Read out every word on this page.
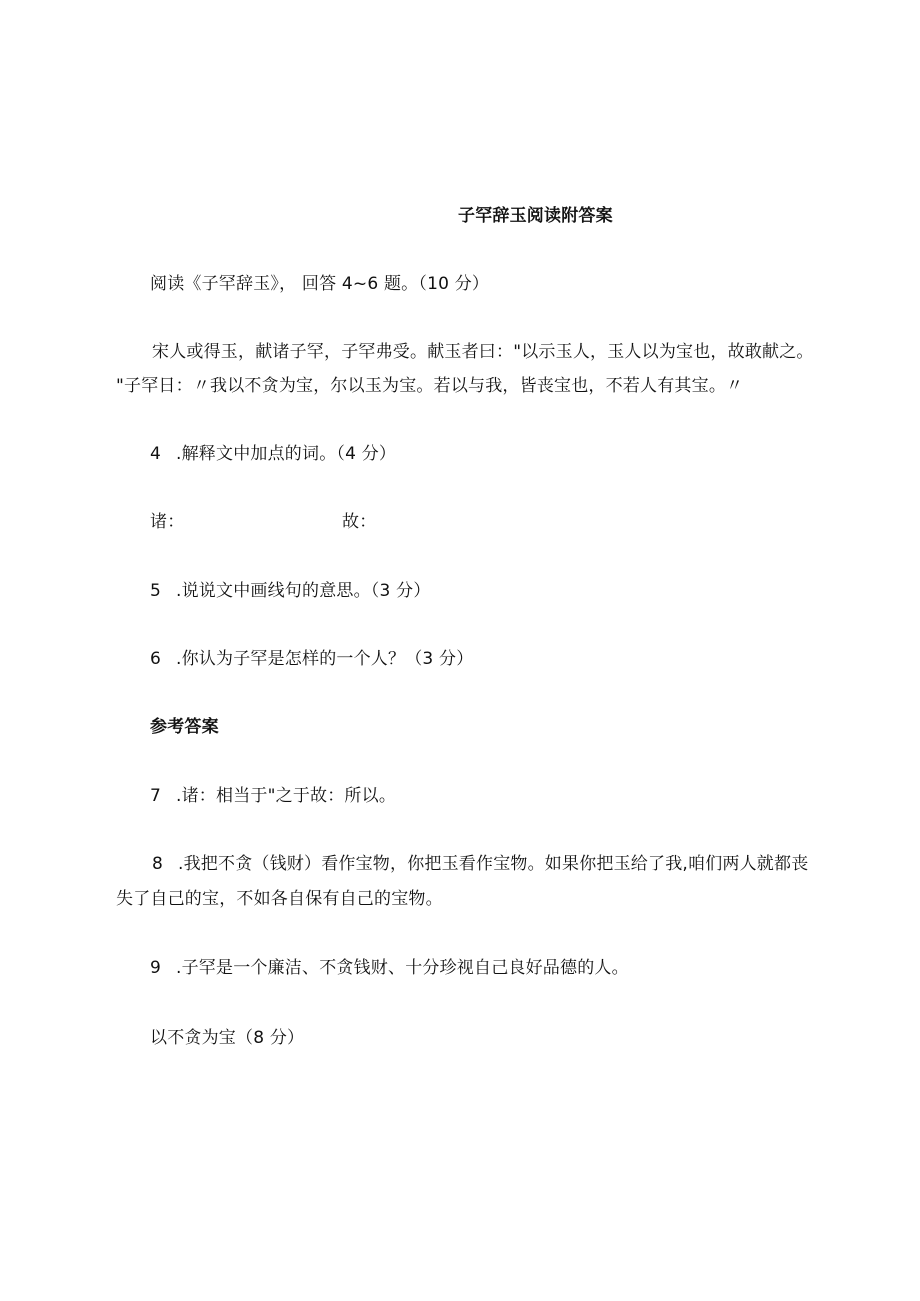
子罕辞玉阅读附答案
阅读《子罕辞玉》， 回答 4~6 题。（10 分）
宋人或得玉，献诸子罕，子罕弗受。献玉者曰："以示玉人，玉人以为宝也，故敢献之。
"子罕日：〃我以不贪为宝，尔以玉为宝。若以与我，皆丧宝也，不若人有其宝。〃
4 .解释文中加点的词。（4 分）
诸：	故：
5 .说说文中画线句的意思。（3 分）
6 .你认为子罕是怎样的一个人？（3 分）
参考答案
7 .诸：相当于"之于故：所以。
8 .我把不贪（钱财）看作宝物，你把玉看作宝物。如果你把玉给了我,咱们两人就都丧
失了自己的宝，不如各自保有自己的宝物。
9 .子罕是一个廉洁、不贪钱财、十分珍视自己良好品德的人。
以不贪为宝（8 分）
